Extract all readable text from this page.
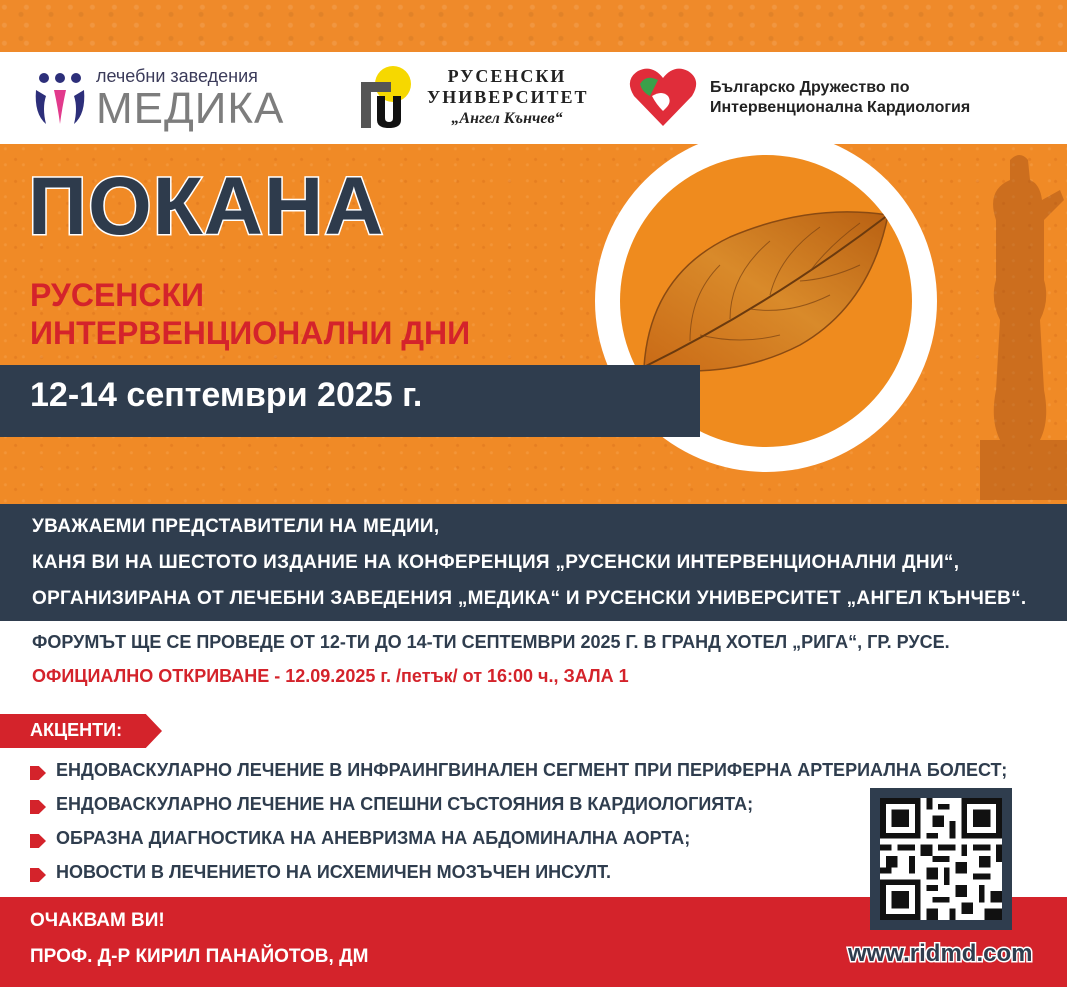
лечебни заведения
МЕДИКА
РУСЕНСКИ
УНИВЕРСИТЕТ
„Ангел Кънчев“
Българско Дружество по
Интервенционална Кардиология
ПОКАНА
РУСЕНСКИ
ИНТЕРВЕНЦИОНАЛНИ ДНИ
12-14 септември 2025 г.
УВАЖАЕМИ ПРЕДСТАВИТЕЛИ НА МЕДИИ,
КАНЯ ВИ НА ШЕСТОТО ИЗДАНИЕ НА КОНФЕРЕНЦИЯ „РУСЕНСКИ ИНТЕРВЕНЦИОНАЛНИ ДНИ“,
ОРГАНИЗИРАНА ОТ ЛЕЧЕБНИ ЗАВЕДЕНИЯ „МЕДИКА“ И РУСЕНСКИ УНИВЕРСИТЕТ „АНГЕЛ КЪНЧЕВ“.
ФОРУМЪТ ЩЕ СЕ ПРОВЕДЕ ОТ 12-ТИ ДО 14-ТИ СЕПТЕМВРИ 2025 Г. В ГРАНД ХОТЕЛ „РИГА“, ГР. РУСЕ.
ОФИЦИАЛНО ОТКРИВАНЕ - 12.09.2025 г. /петък/ от 16:00 ч., ЗАЛА 1
АКЦЕНТИ:
ЕНДОВАСКУЛАРНО ЛЕЧЕНИЕ В ИНФРАИНГВИНАЛЕН СЕГМЕНТ ПРИ ПЕРИФЕРНА АРТЕРИАЛНА БОЛЕСТ;
ЕНДОВАСКУЛАРНО ЛЕЧЕНИЕ НА СПЕШНИ СЪСТОЯНИЯ В КАРДИОЛОГИЯТА;
ОБРАЗНА ДИАГНОСТИКА НА АНЕВРИЗМА НА АБДОМИНАЛНА АОРТА;
НОВОСТИ В ЛЕЧЕНИЕТО НА ИСХЕМИЧЕН МОЗЪЧЕН ИНСУЛТ.
ОЧАКВАМ ВИ!
ПРОФ. Д-Р КИРИЛ ПАНАЙОТОВ, ДМ	www.ridmd.com
